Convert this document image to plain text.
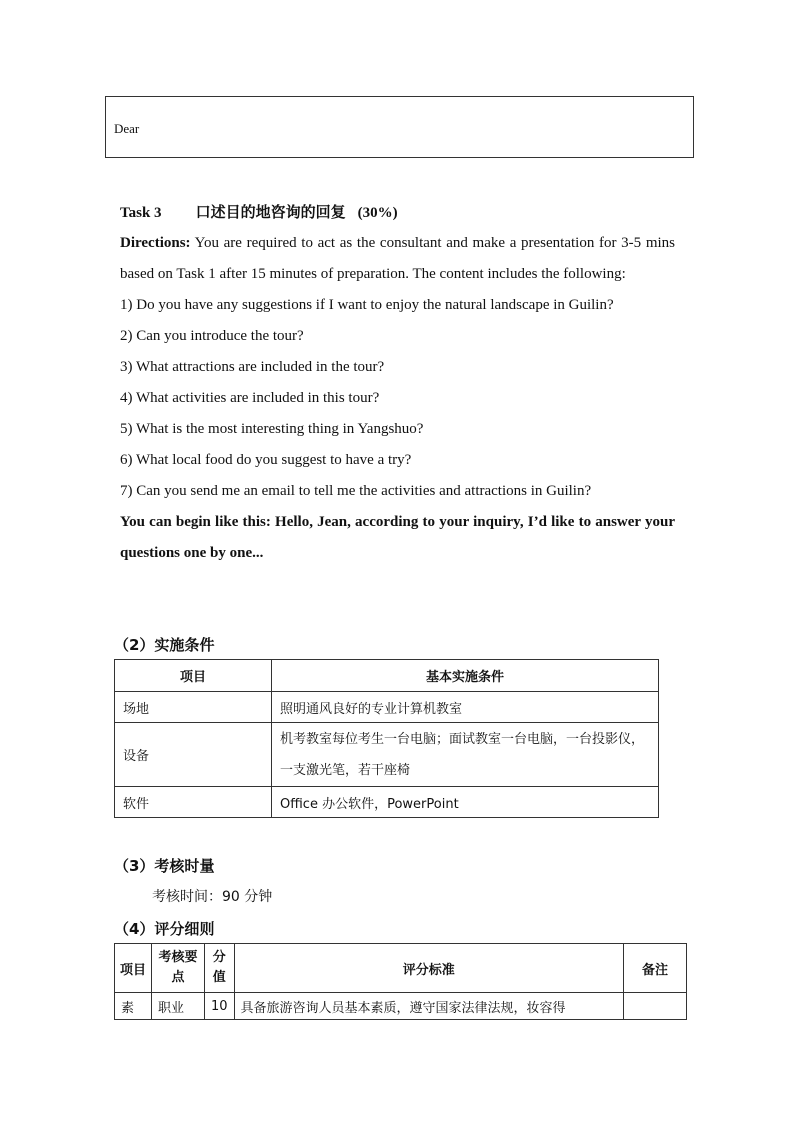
Dear
Task 3 口述目的地咨询的回复 (30%)
Directions: You are required to act as the consultant and make a presentation for 3-5 mins based on Task 1 after 15 minutes of preparation. The content includes the following:
1) Do you have any suggestions if I want to enjoy the natural landscape in Guilin?
2) Can you introduce the tour?
3) What attractions are included in the tour?
4) What activities are included in this tour?
5) What is the most interesting thing in Yangshuo?
6) What local food do you suggest to have a try?
7) Can you send me an email to tell me the activities and attractions in Guilin?
You can begin like this: Hello, Jean, according to your inquiry, I’d like to answer your questions one by one...
（2）实施条件
项目	基本实施条件
场地	照明通风良好的专业计算机教室
设备	机考教室每位考生一台电脑；面试教室一台电脑，一台投影仪，一支激光笔，若干座椅
软件	Office 办公软件，PowerPoint
（3）考核时量
考核时间：90 分钟
（4）评分细则
项目	考核要点	分值	评分标准	备注
素	职业	10	具备旅游咨询人员基本素质，遵守国家法律法规，妆容得	
